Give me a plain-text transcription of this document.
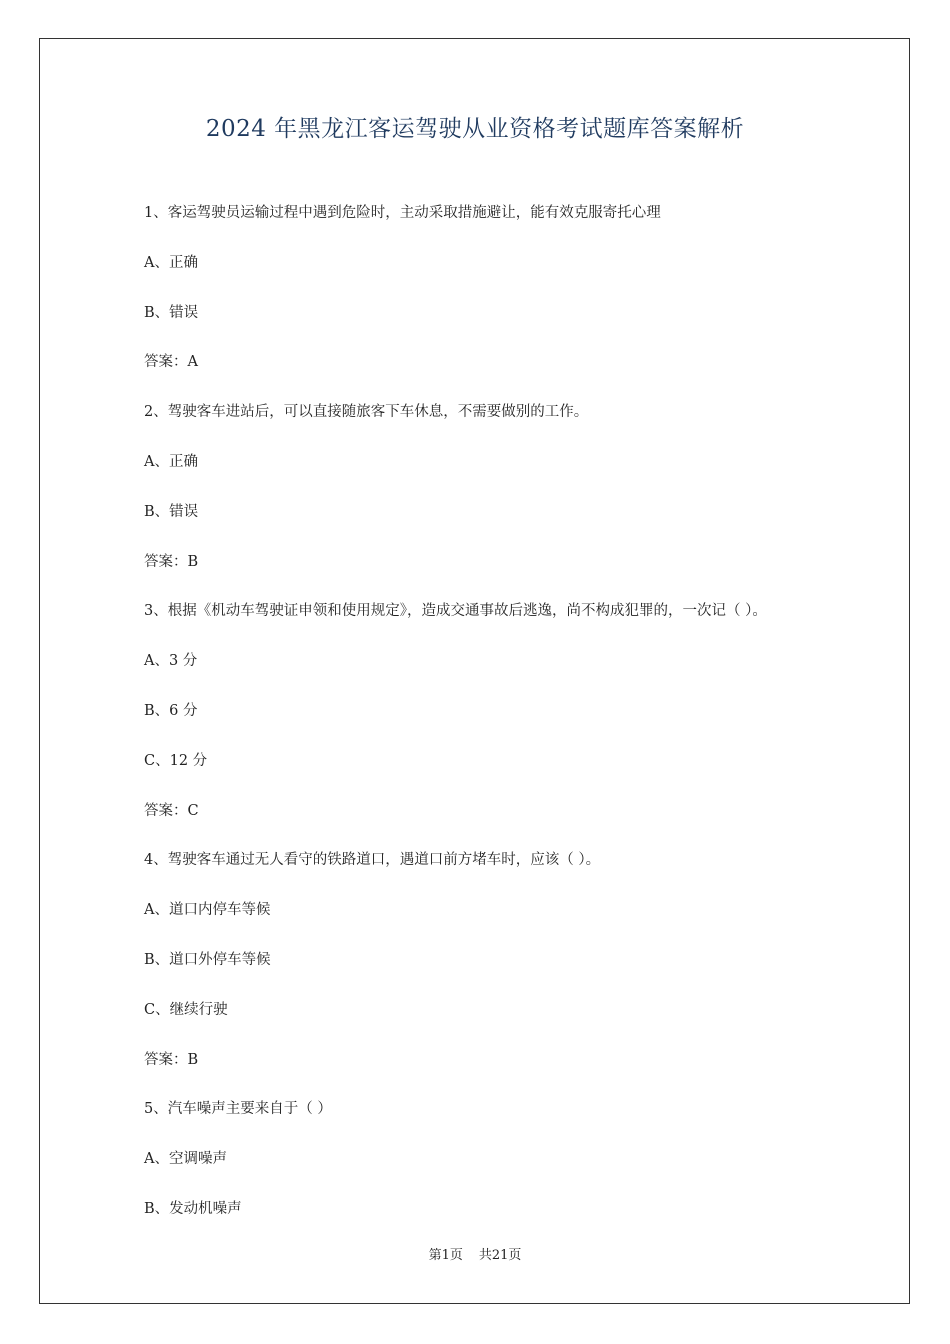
2024 年黑龙江客运驾驶从业资格考试题库答案解析
1、客运驾驶员运输过程中遇到危险时，主动采取措施避让，能有效克服寄托心理
A、正确
B、错误
答案：A
2、驾驶客车进站后，可以直接随旅客下车休息，不需要做别的工作。
A、正确
B、错误
答案：B
3、根据《机动车驾驶证申领和使用规定》，造成交通事故后逃逸，尚不构成犯罪的，一次记（ ）。
A、3 分
B、6 分
C、12 分
答案：C
4、驾驶客车通过无人看守的铁路道口，遇道口前方堵车时，应该（ ）。
A、道口内停车等候
B、道口外停车等候
C、继续行驶
答案：B
5、汽车噪声主要来自于（ ）
A、空调噪声
B、发动机噪声
第1页 共21页
